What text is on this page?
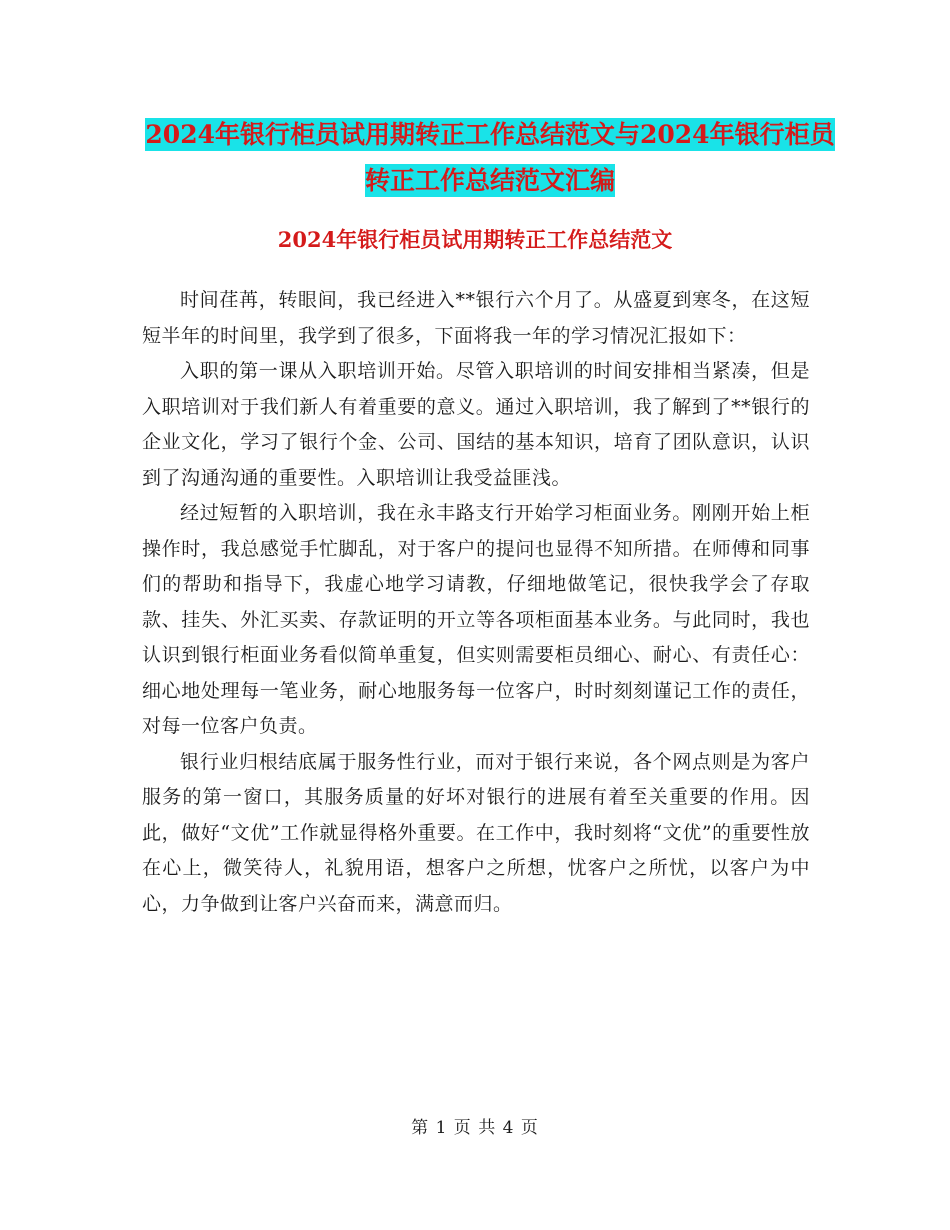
2024年银行柜员试用期转正工作总结范文与2024年银行柜员转正工作总结范文汇编
2024年银行柜员试用期转正工作总结范文

时间荏苒，转眼间，我已经进入**银行六个月了。从盛夏到寒冬，在这短短半年的时间里，我学到了很多，下面将我一年的学习情况汇报如下：

入职的第一课从入职培训开始。尽管入职培训的时间安排相当紧凑，但是入职培训对于我们新人有着重要的意义。通过入职培训，我了解到了**银行的企业文化，学习了银行个金、公司、国结的基本知识，培育了团队意识，认识到了沟通沟通的重要性。入职培训让我受益匪浅。

经过短暂的入职培训，我在永丰路支行开始学习柜面业务。刚刚开始上柜操作时，我总感觉手忙脚乱，对于客户的提问也显得不知所措。在师傅和同事们的帮助和指导下，我虚心地学习请教，仔细地做笔记，很快我学会了存取款、挂失、外汇买卖、存款证明的开立等各项柜面基本业务。与此同时，我也认识到银行柜面业务看似简单重复，但实则需要柜员细心、耐心、有责任心：细心地处理每一笔业务，耐心地服务每一位客户，时时刻刻谨记工作的责任，对每一位客户负责。

银行业归根结底属于服务性行业，而对于银行来说，各个网点则是为客户服务的第一窗口，其服务质量的好坏对银行的进展有着至关重要的作用。因此，做好“文优”工作就显得格外重要。在工作中，我时刻将“文优”的重要性放在心上，微笑待人，礼貌用语，想客户之所想，忧客户之所忧，以客户为中心，力争做到让客户兴奋而来，满意而归。

第 1 页 共 4 页
